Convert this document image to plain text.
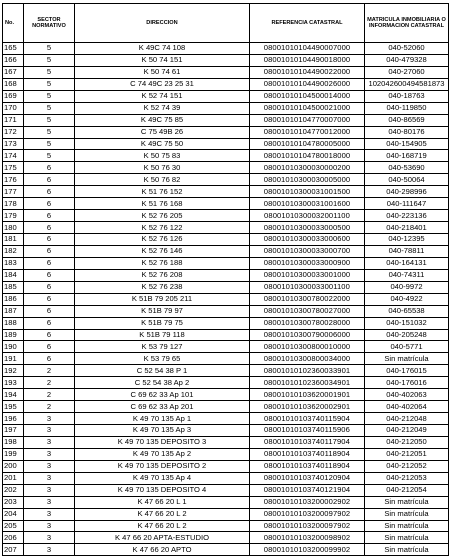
No.	SECTOR NORMATIVO	DIRECCION	REFERENCIA CATASTRAL	MATRICULA INMOBILIARIA O INFORMACION CATASTRAL
165	5	K 49C 74 108	08001010104490007000	040-52060
166	5	K 50 74 151	08001010104490018000	040-479328
167	5	K 50 74 61	08001010104490022000	040-27060
168	5	C 74 49C 23 25 31	08001010104490026000	102042600494581873
169	5	K 52 74 151	08001010104500014000	040-18763
170	5	K 52 74 39	08001010104500021000	040-119850
171	5	K 49C 75 85	08001010104770007000	040-86569
172	5	C 75 49B 26	08001010104770012000	040-80176
173	5	K 49C 75 50	08001010104780005000	040-154905
174	5	K 50 75 83	08001010104780018000	040-168719
175	6	K 50 76 30	08001010300030000200	040-53690
176	6	K 50 76 82	08001010300030005000	040-50064
177	6	K 51 76 152	08001010300031001500	040-298996
178	6	K 51 76 168	08001010300031001600	040-111647
179	6	K 52 76 205	08001010300032001100	040-223136
180	6	K 52 76 122	08001010300033000500	040-218401
181	6	K 52 76 126	08001010300033000600	040-12395
182	6	K 52 76 146	08001010300033000700	040-78811
183	6	K 52 76 188	08001010300033000900	040-164131
184	6	K 52 76 208	08001010300033001000	040-74311
185	6	K 52 76 238	08001010300033001100	040-9972
186	6	K 51B 79 205 211	08001010300780022000	040-4922
187	6	K 51B 79 97	08001010300780027000	040-65538
188	6	K 51B 79 75	08001010300780028000	040-151032
189	6	K 51B 79 118	08001010300790006000	040-205248
190	6	K 53 79 127	08001010300800010000	040-5771
191	6	K 53 79 65	08001010300800034000	Sin matrícula
192	2	C 52 54 38 P 1	08001010102360033901	040-176015
193	2	C 52 54 38 Ap 2	08001010102360034901	040-176016
194	2	C 69 62 33 Ap 101	08001010103620001901	040-402063
195	2	C 69 62 33 Ap 201	08001010103620002901	040-402064
196	3	K 49 70 135 Ap 1	08001010103740115904	040-212048
197	3	K 49 70 135 Ap 3	08001010103740115906	040-212049
198	3	K 49 70 135 DEPOSITO 3	08001010103740117904	040-212050
199	3	K 49 70 135 Ap 2	08001010103740118904	040-212051
200	3	K 49 70 135 DEPOSITO 2	08001010103740118904	040-212052
201	3	K 49 70 135 Ap 4	08001010103740120904	040-212053
202	3	K 49 70 135 DEPOSITO 4	08001010103740121904	040-212054
203	3	K 47 66 20 L 1	08001010103200002902	Sin matrícula
204	3	K 47 66 20 L 2	08001010103200097902	Sin matrícula
205	3	K 47 66 20 L 2	08001010103200097902	Sin matrícula
206	3	K 47 66 20 APTA-ESTUDIO	08001010103200098902	Sin matrícula
207	3	K 47 66 20 APTO	08001010103200099902	Sin matrícula
